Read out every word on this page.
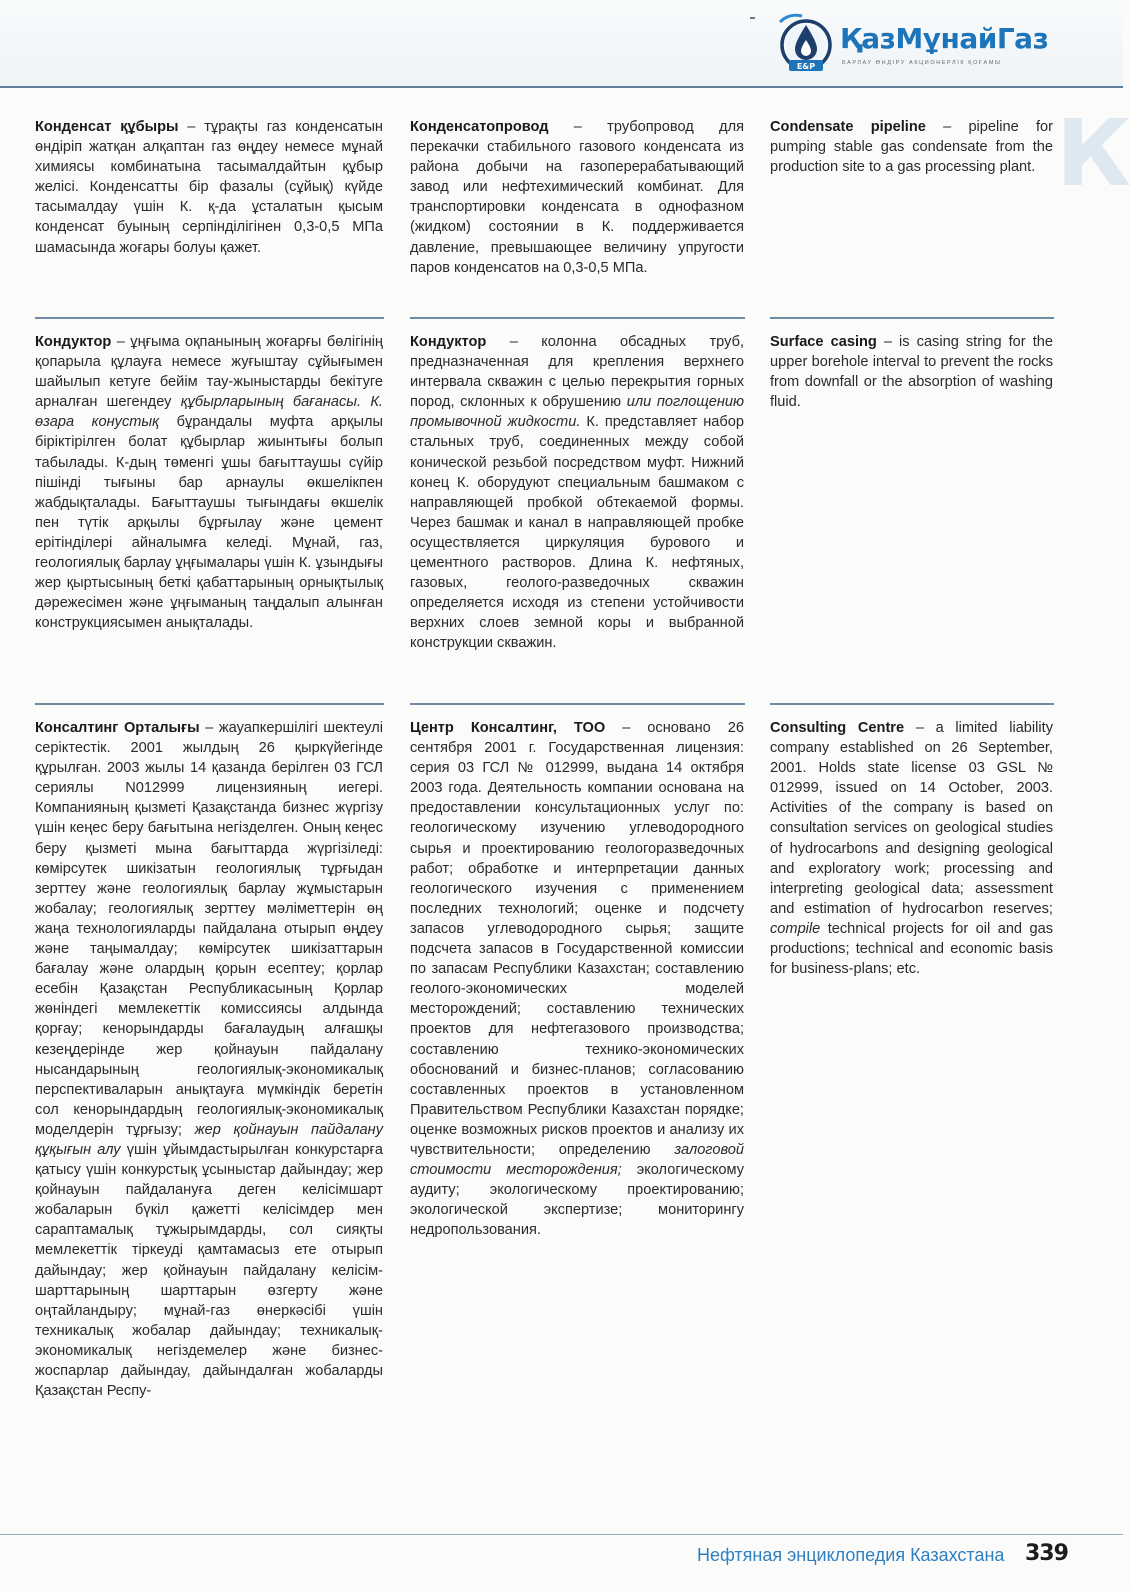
E&P
ҚазМұнайГаз
БАРЛАУ ӨНДІРУ АКЦИОНЕРЛІК ҚОҒАМЫ
К

Конденсат құбыры – тұрақты газ конденсатын өндіріп жатқан алқаптан газ өңдеу немесе мұнай химиясы комбинатына тасымалдайтын құбыр желісі. Конденсатты бір фазалы (сұйық) күйде тасымалдау үшін К. қ-да ұсталатын қысым конденсат буының серпінділігінен 0,3-0,5 МПа шамасында жоғары болуы қажет.

Конденсатопровод – трубопровод для перекачки стабильного газового конденсата из района добычи на газоперерабатывающий завод или нефтехимический комбинат. Для транспортировки конденсата в однофазном (жидком) состоянии в К. поддерживается давление, превышающее величину упругости паров конденсатов на 0,3-0,5 МПа.

Condensate pipeline – pipeline for pumping stable gas condensate from the production site to a gas processing plant.

Кондуктор – ұңғыма оқпанының жоғарғы бөлігінің қопарыла құлауға немесе жуғыштау сұйығымен шайылып кетуге бейім тау-жыныстарды бекітуге арналған шегендеу құбырларының бағанасы. К. өзара конустық бұрандалы муфта арқылы біріктірілген болат құбырлар жиынтығы болып табылады. К-дың төменгі ұшы бағыттаушы сүйір пішінді тығыны бар арнаулы өкшелікпен жабдықталады. Бағыттаушы тығындағы өкшелік пен түтік арқылы бұрғылау және цемент ерітінділері айналымға келеді. Мұнай, газ, геологиялық барлау ұңғымалары үшін К. ұзындығы жер қыртысының беткі қабаттарының орнықтылық дәрежесімен және ұңғыманың таңдалып алынған конструкциясымен анықталады.

Кондуктор – колонна обсадных труб, предназначенная для крепления верхнего интервала скважин с целью перекрытия горных пород, склонных к обрушению или поглощению промывочной жидкости. К. представляет набор стальных труб, соединенных между собой конической резьбой посредством муфт. Нижний конец К. оборудуют специальным башмаком с направляющей пробкой обтекаемой формы. Через башмак и канал в направляющей пробке осуществляется циркуляция бурового и цементного растворов. Длина К. нефтяных, газовых, геолого-разведочных скважин определяется исходя из степени устойчивости верхних слоев земной коры и выбранной конструкции скважин.

Surface casing – is casing string for the upper borehole interval to prevent the rocks from downfall or the absorption of washing fluid.

Консалтинг Орталығы – жауапкершілігі шектеулі серіктестік. 2001 жылдың 26 қыркүйегінде құрылған. 2003 жылы 14 қазанда берілген 03 ГСЛ сериялы N012999 лицензияның иегері. Компанияның қызметі Қазақстанда бизнес жүргізу үшін кеңес беру бағытына негізделген. Оның кеңес беру қызметі мына бағыттарда жүргізіледі: көмірсутек шикізатын геологиялық тұрғыдан зерттеу және геологиялық барлау жұмыстарын жобалау; геологиялық зерттеу мәліметтерін өң жаңа технологияларды пайдалана отырып өңдеу және таңымалдау; көмірсутек шикізаттарын бағалау және олардың қорын есептеу; қорлар есебін Қазақстан Республикасының Қорлар жөніндегі мемлекеттік комиссиясы алдында қорғау; кенорындарды бағалаудың алғашқы кезеңдерінде жер қойнауын пайдалану нысандарының геологиялық-экономикалық перспективаларын анықтауға мүмкіндік беретін сол кенорындардың геологиялық-экономикалық моделдерін тұрғызу; жер қойнауын пайдалану құқығын алу үшін ұйымдастырылған конкурстарға қатысу үшін конкурстық ұсыныстар дайындау; жер қойнауын пайдалануға деген келісімшарт жобаларын бүкіл қажетті келісімдер мен сараптамалық тұжырымдарды, сол сияқты мемлекеттік тіркеуді қамтамасыз ете отырып дайындау; жер қойнауын пайдалану келісім-шарттарының шарттарын өзгерту және оңтайландыру; мұнай-газ өнеркәсібі үшін техникалық жобалар дайындау; техникалық-экономикалық негіздемелер және бизнес-жоспарлар дайындау, дайындалған жобаларды Қазақстан Респу-

Центр Консалтинг, ТОО – основано 26 сентября 2001 г. Государственная лицензия: серия 03 ГСЛ № 012999, выдана 14 октября 2003 года. Деятельность компании основана на предоставлении консультационных услуг по: геологическому изучению углеводородного сырья и проектированию геологоразведочных работ; обработке и интерпретации данных геологического изучения с применением последних технологий; оценке и подсчету запасов углеводородного сырья; защите подсчета запасов в Государственной комиссии по запасам Республики Казахстан; составлению геолого-экономических моделей месторождений; составлению технических проектов для нефтегазового производства; составлению технико-экономических обоснований и бизнес-планов; согласованию составленных проектов в установленном Правительством Республики Казахстан порядке; оценке возможных рисков проектов и анализу их чувствительности; определению залоговой стоимости месторождения; экологическому аудиту; экологическому проектированию; экологической экспертизе; мониторингу недропользования.

Consulting Centre – a limited liability company established on 26 September, 2001. Holds state license 03 GSL № 012999, issued on 14 October, 2003. Activities of the company is based on consultation services on geological studies of hydrocarbons and designing geological and exploratory work; processing and interpreting geological data; assessment and estimation of hydrocarbon reserves; compile technical projects for oil and gas productions; technical and economic basis for business-plans; etc.

Нефтяная энциклопедия Казахстана 339
